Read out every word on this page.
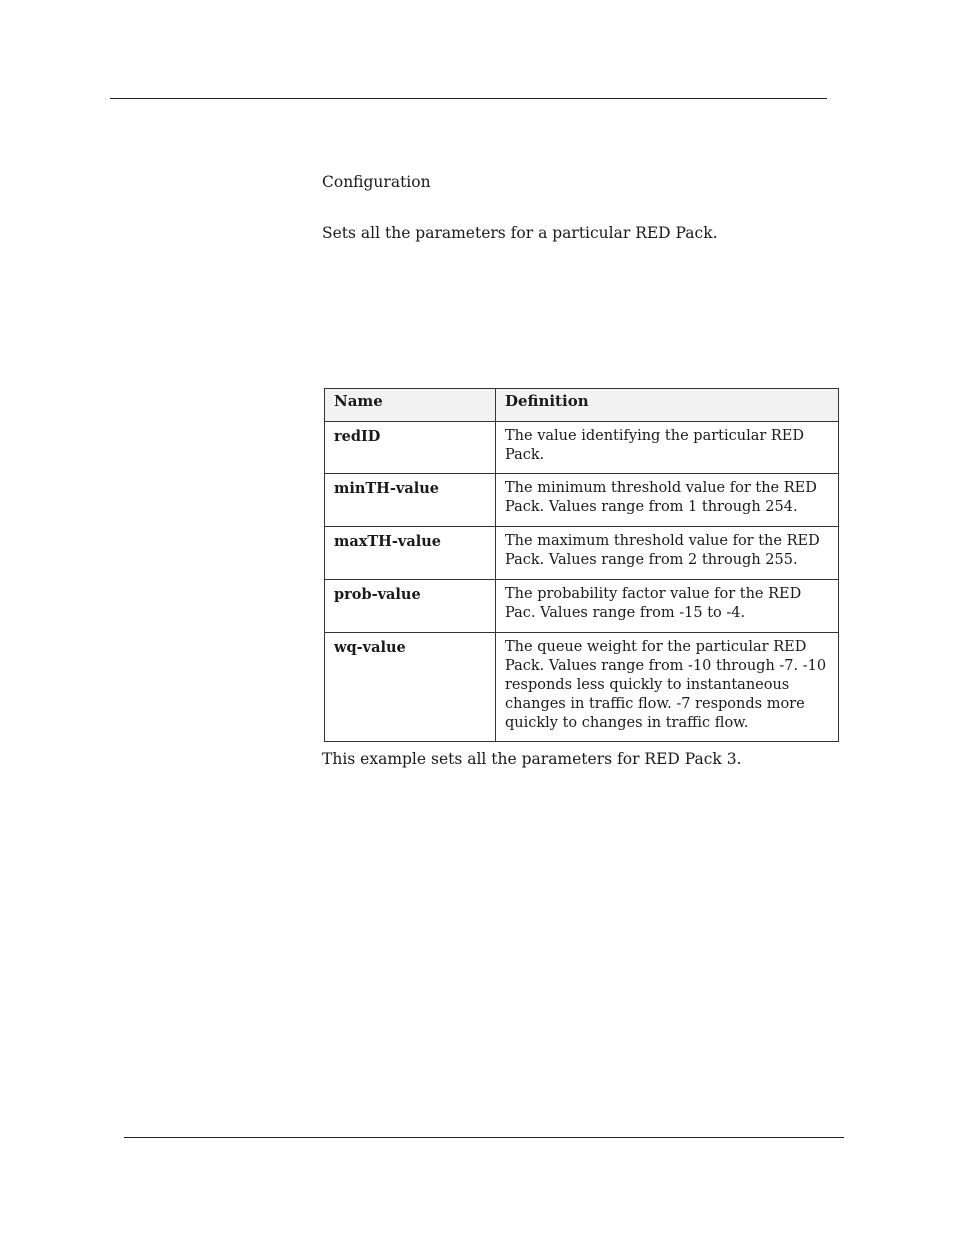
Configuration

Sets all the parameters for a particular RED Pack.

Name	Definition
redID	The value identifying the particular RED Pack.
minTH-value	The minimum threshold value for the RED Pack. Values range from 1 through 254.
maxTH-value	The maximum threshold value for the RED Pack. Values range from 2 through 255.
prob-value	The probability factor value for the RED Pac. Values range from -15 to -4.
wq-value	The queue weight for the particular RED Pack. Values range from -10 through -7. -10 responds less quickly to instantaneous changes in traffic flow. -7 responds more quickly to changes in traffic flow.

This example sets all the parameters for RED Pack 3.
